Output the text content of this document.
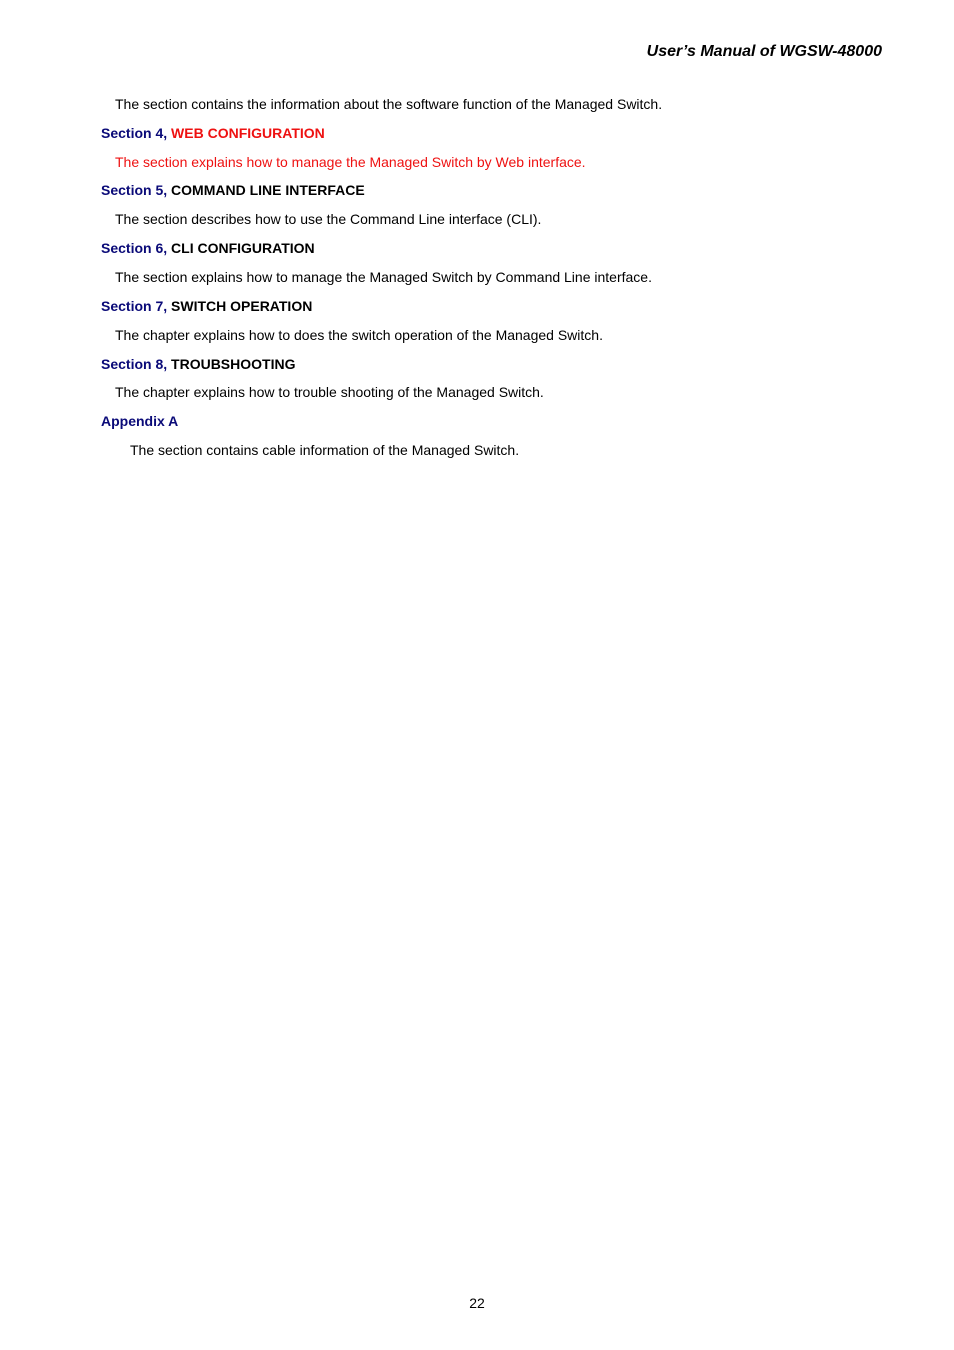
User’s Manual of WGSW-48000
The section contains the information about the software function of the Managed Switch.
Section 4, WEB CONFIGURATION
The section explains how to manage the Managed Switch by Web interface.
Section 5, COMMAND LINE INTERFACE
The section describes how to use the Command Line interface (CLI).
Section 6, CLI CONFIGURATION
The section explains how to manage the Managed Switch by Command Line interface.
Section 7, SWITCH OPERATION
The chapter explains how to does the switch operation of the Managed Switch.
Section 8, TROUBSHOOTING
The chapter explains how to trouble shooting of the Managed Switch.
Appendix A
The section contains cable information of the Managed Switch.
22
